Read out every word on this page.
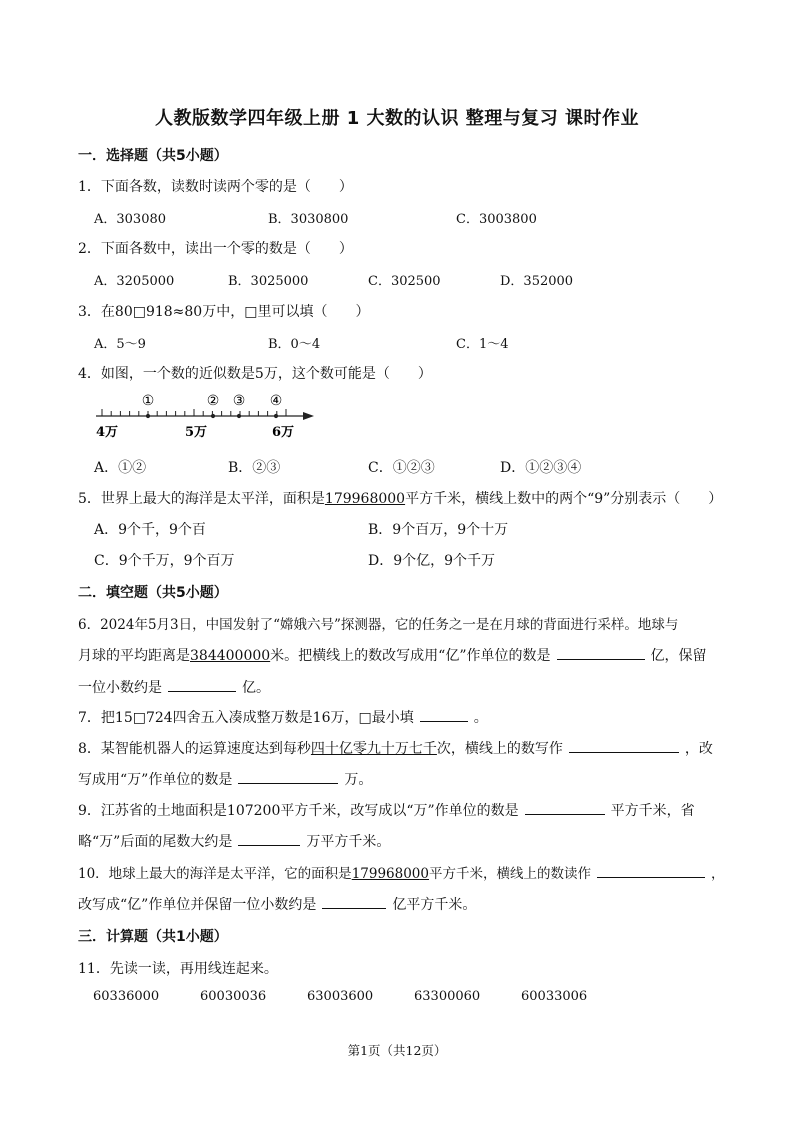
人教版数学四年级上册 1 大数的认识 整理与复习 课时作业
一．选择题（共5小题）
1．下面各数，读数时读两个零的是（　　）
A．303080	B．3030800	C．3003800
2．下面各数中，读出一个零的数是（　　）
A．3205000	B．3025000	C．302500	D．352000
3．在80□918≈80万中，□里可以填（　　）
A．5～9	B．0～4	C．1～4
4．如图，一个数的近似数是5万，这个数可能是（　　）
①	② ③ ④
4万	5万	6万
A．①②	B．②③	C．①②③	D．①②③④
5．世界上最大的海洋是太平洋，面积是179968000平方千米，横线上数中的两个“9”分别表示（　　）
A．9个千，9个百	B．9个百万，9个十万
C．9个千万，9个百万	D．9个亿，9个千万
二．填空题（共5小题）
6．2024年5月3日，中国发射了“嫦娥六号”探测器，它的任务之一是在月球的背面进行采样。地球与
月球的平均距离是384400000米。把横线上的数改写成用“亿”作单位的数是	亿，保留
一位小数约是	亿。
7．把15□724四舍五入凑成整万数是16万，□最小填	。
8．某智能机器人的运算速度达到每秒四十亿零九十万七千次，横线上的数写作	，改
写成用“万”作单位的数是	万。
9．江苏省的土地面积是107200平方千米，改写成以“万”作单位的数是	平方千米，省
略“万”后面的尾数大约是	万平方千米。
10．地球上最大的海洋是太平洋，它的面积是179968000平方千米，横线上的数读作	，
改写成“亿”作单位并保留一位小数约是	亿平方千米。
三．计算题（共1小题）
11．先读一读，再用线连起来。
60336000	60030036	63003600	63300060	60033006
第1页（共12页）
